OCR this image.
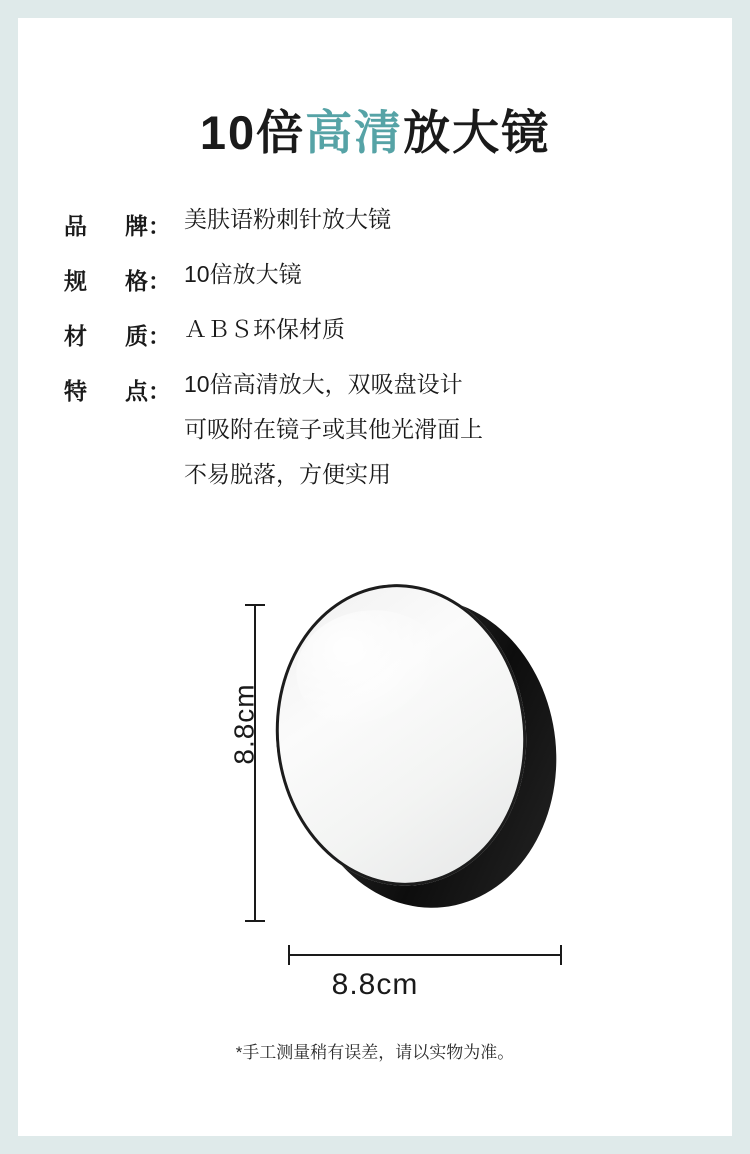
10倍高清放大镜
品牌： 美肤语粉刺针放大镜
规格： 10倍放大镜
材质： ＡＢＳ环保材质
特点： 10倍高清放大，双吸盘设计
可吸附在镜子或其他光滑面上
不易脱落，方便实用
8.8cm
8.8cm
*手工测量稍有误差，请以实物为准。
